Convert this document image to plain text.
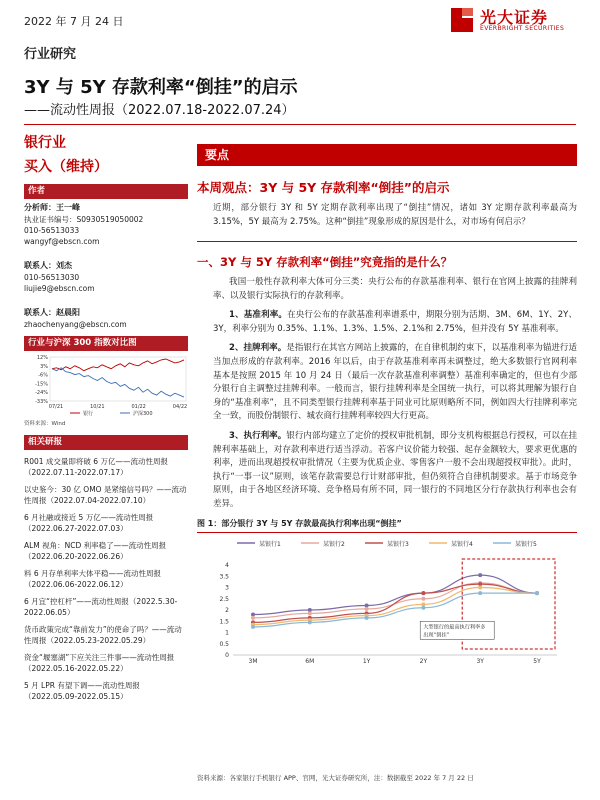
2022 年 7 月 24 日	光大证券
EVERBRIGHT SECURITIES
行业研究
3Y 与 5Y 存款利率“倒挂”的启示
——流动性周报（2022.07.18-2022.07.24）
银行业
买入（维持）
作者
分析师：王一峰
执业证书编号：S0930519050002
010-56513033
wangyf@ebscn.com
联系人：刘杰
010-56513030
liujie9@ebscn.com
联系人：赵晨阳
zhaochenyang@ebscn.com
行业与沪深 300 指数对比图
12%
3%
-6%
-15%
-24%
-33%
07/21	10/21	01/22	04/22
银行	沪深300
资料来源：Wind
相关研报
R001 成交量即将破 6 万亿——流动性周报（2022.07.11-2022.07.17）
以史鉴今：30 亿 OMO 是紧缩信号吗？——流动性周报（2022.07.04-2022.07.10）
6 月社融或接近 5 万亿——流动性周报（2022.06.27-2022.07.03）
ALM 视角：NCD 利率稳了——流动性周报（2022.06.20-2022.06.26）
料 6 月存单利率大体平稳——流动性周报（2022.06.06-2022.06.12）
6 月宜“控杠杆”——流动性周报（2022.5.30-2022.06.05）
货币政策完成“靠前发力”的使命了吗？——流动性周报（2022.05.23-2022.05.29）
资金“堰塞湖”下应关注三件事——流动性周报（2022.05.16-2022.05.22）
5 月 LPR 有望下调——流动性周报（2022.05.09-2022.05.15）
要点
本周观点：3Y 与 5Y 存款利率“倒挂”的启示
近期，部分银行 3Y 和 5Y 定期存款利率出现了“倒挂”情况，诸如 3Y 定期存款利率最高为 3.15%，5Y 最高为 2.75%。这种“倒挂”现象形成的原因是什么，对市场有何启示？
一、3Y 与 5Y 存款利率“倒挂”究竟指的是什么？
我国一般性存款利率大体可分三类：央行公布的存款基准利率、银行在官网上披露的挂牌利率、以及银行实际执行的存款利率。
1、基准利率。在央行公布的存款基准利率谱系中，期限分别为活期、3M、6M、1Y、2Y、3Y，利率分别为 0.35%、1.1%、1.3%、1.5%、2.1%和 2.75%，但并没有 5Y 基准利率。
2、挂牌利率。是指银行在其官方网站上披露的，在自律机制约束下，以基准利率为锚进行适当加点形成的存款利率。2016 年以后，由于存款基准利率再未调整过，绝大多数银行官网利率基本是按照 2015 年 10 月 24 日（最后一次存款基准利率调整）基准利率确定的，但也有少部分银行自主调整过挂牌利率。一般而言，银行挂牌利率是全国统一执行，可以将其理解为银行自身的“基准利率”，且不同类型银行挂牌利率基于同业可比原则略所不同，例如四大行挂牌利率完全一致，而股份制银行、城农商行挂牌利率较四大行更高。
3、执行利率。银行内部均建立了定价的授权审批机制，即分支机构根据总行授权，可以在挂牌利率基础上，对存款利率进行适当浮动。若客户议价能力较强、起存金额较大，要求更优惠的利率，进而出现超授权审批情况（主要为优质企业、零售客户一般不会出现超授权审批）。此时，执行“一事一议”原则，该笔存款需要总行计财部审批，但仍须符合自律机制要求。基于市场竞争原则，由于各地区经济环境、竞争格局有所不同，同一银行的不同地区分行存款执行利率也会有差异。
图 1：部分银行 3Y 与 5Y 存款最高执行利率出现“倒挂”
某银行1	某银行2	某银行3	某银行4	某银行5
4
3.5
3
2.5
2
1.5
1
0.5
0
3M	6M	1Y	2Y	3Y	5Y
大型银行的最高执行利率多
出现“倒挂”
资料来源：各家银行手机银行 APP、官网，光大证券研究所，注：数据截至 2022 年 7 月 22 日
